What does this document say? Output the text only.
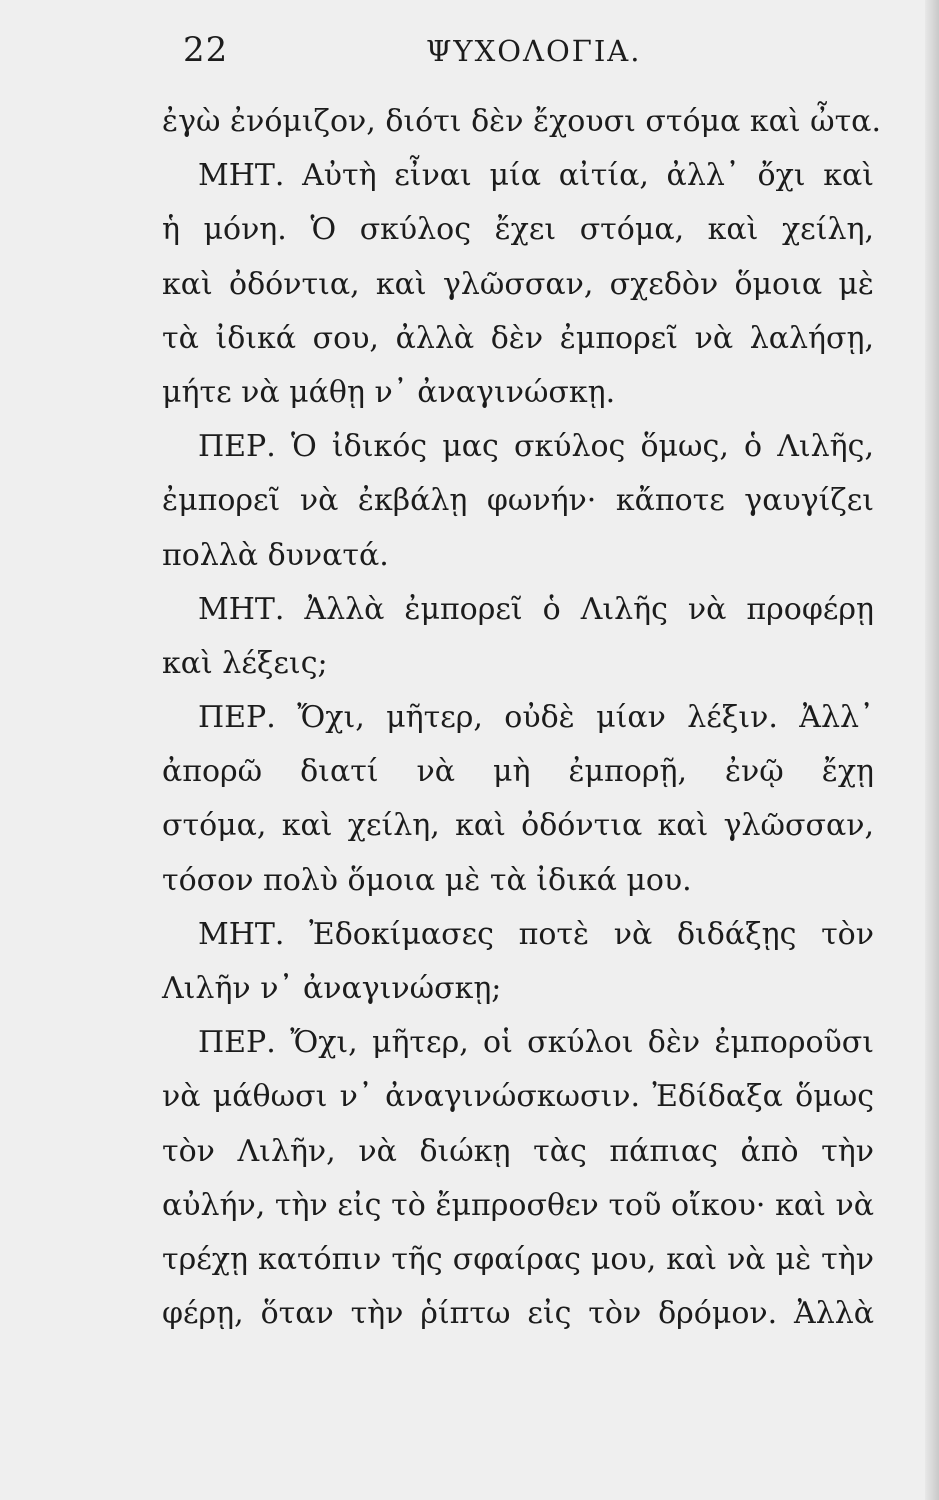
22	ΨΥΧΟΛΟΓΙΑ.
ἐγὼ ἐνόμιζον, διότι δὲν ἔχουσι στόμα καὶ ὦτα.
ΜΗΤ. Αὐτὴ εἶναι μία αἰτία, ἀλλ᾽ ὄχι καὶ
ἡ μόνη. Ὁ σκύλος ἔχει στόμα, καὶ χείλη,
καὶ ὀδόντια, καὶ γλῶσσαν, σχεδὸν ὅμοια μὲ
τὰ ἰδικά σου, ἀλλὰ δὲν ἐμπορεῖ νὰ λαλήσῃ,
μήτε νὰ μάθῃ ν᾽ ἀναγινώσκῃ.
ΠΕΡ. Ὁ ἰδικός μας σκύλος ὅμως, ὁ Λιλῆς,
ἐμπορεῖ νὰ ἐκβάλῃ φωνήν· κἄποτε γαυγίζει
πολλὰ δυνατά.
ΜΗΤ. Ἀλλὰ ἐμπορεῖ ὁ Λιλῆς νὰ προφέρῃ
καὶ λέξεις;
ΠΕΡ. Ὄχι, μῆτερ, οὐδὲ μίαν λέξιν. Ἀλλ᾽
ἀπορῶ διατί νὰ μὴ ἐμπορῇ, ἐνῷ ἔχῃ
στόμα, καὶ χείλη, καὶ ὀδόντια καὶ γλῶσσαν,
τόσον πολὺ ὅμοια μὲ τὰ ἰδικά μου.
ΜΗΤ. Ἐδοκίμασες ποτὲ νὰ διδάξῃς τὸν
Λιλῆν ν᾽ ἀναγινώσκῃ;
ΠΕΡ. Ὄχι, μῆτερ, οἱ σκύλοι δὲν ἐμποροῦσι
νὰ μάθωσι ν᾽ ἀναγινώσκωσιν. Ἐδίδαξα ὅμως
τὸν Λιλῆν, νὰ διώκῃ τὰς πάπιας ἀπὸ τὴν
αὐλήν, τὴν εἰς τὸ ἔμπροσθεν τοῦ οἴκου· καὶ νὰ
τρέχῃ κατόπιν τῆς σφαίρας μου, καὶ νὰ μὲ τὴν
φέρῃ, ὅταν τὴν ῥίπτω εἰς τὸν δρόμον. Ἀλλὰ
